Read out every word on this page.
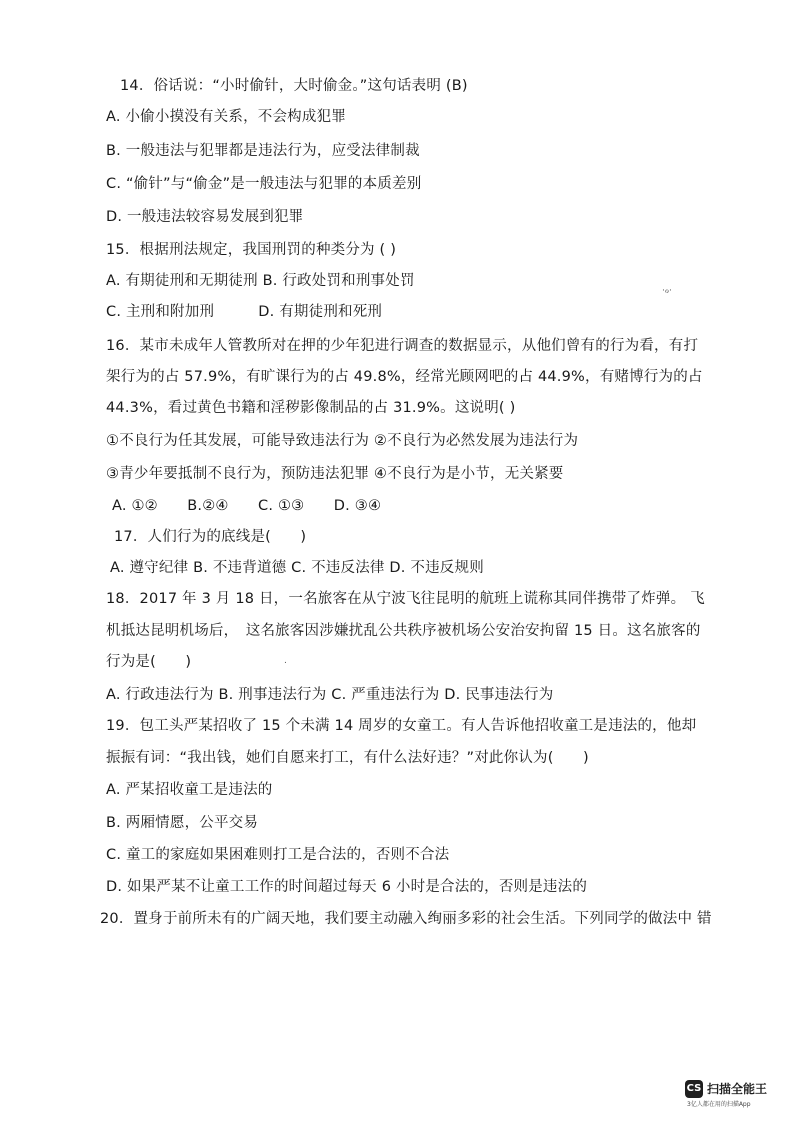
14．俗话说：“小时偷针，大时偷金。”这句话表明 (B)
A. 小偷小摸没有关系，不会构成犯罪
B. 一般违法与犯罪都是违法行为，应受法律制裁
C. “偷针”与“偷金”是一般违法与犯罪的本质差别
D. 一般违法较容易发展到犯罪
15．根据刑法规定，我国刑罚的种类分为 ( )
A. 有期徒刑和无期徒刑 B. 行政处罚和刑事处罚
C. 主刑和附加刑　　　D. 有期徒刑和死刑
·ℴ·
16．某市未成年人管教所对在押的少年犯进行调查的数据显示，从他们曾有的行为看，有打
架行为的占 57.9%，有旷课行为的占 49.8%，经常光顾网吧的占 44.9%，有赌博行为的占
44.3%，看过黄色书籍和淫秽影像制品的占 31.9%。这说明( )
①不良行为任其发展，可能导致违法行为 ②不良行为必然发展为违法行为
③青少年要抵制不良行为，预防违法犯罪 ④不良行为是小节，无关紧要
A. ①②　　B.②④　　C. ①③　　D. ③④
17．人们行为的底线是(　　)
A. 遵守纪律 B. 不违背道德 C. 不违反法律 D. 不违反规则
18．2017 年 3 月 18 日，一名旅客在从宁波飞往昆明的航班上谎称其同伴携带了炸弹。 飞
机抵达昆明机场后，　这名旅客因涉嫌扰乱公共秩序被机场公安治安拘留 15 日。这名旅客的
行为是(　　)	.
A. 行政违法行为 B. 刑事违法行为 C. 严重违法行为 D. 民事违法行为
19．包工头严某招收了 15 个未满 14 周岁的女童工。有人告诉他招收童工是违法的，他却
振振有词：“我出钱，她们自愿来打工，有什么法好违？”对此你认为(　　)
A. 严某招收童工是违法的
B. 两厢情愿，公平交易
C. 童工的家庭如果困难则打工是合法的，否则不合法
D. 如果严某不让童工工作的时间超过每天 6 小时是合法的，否则是违法的
20．置身于前所未有的广阔天地，我们要主动融入绚丽多彩的社会生活。下列同学的做法中 错
CS 扫描全能王
3亿人都在用的扫描App
